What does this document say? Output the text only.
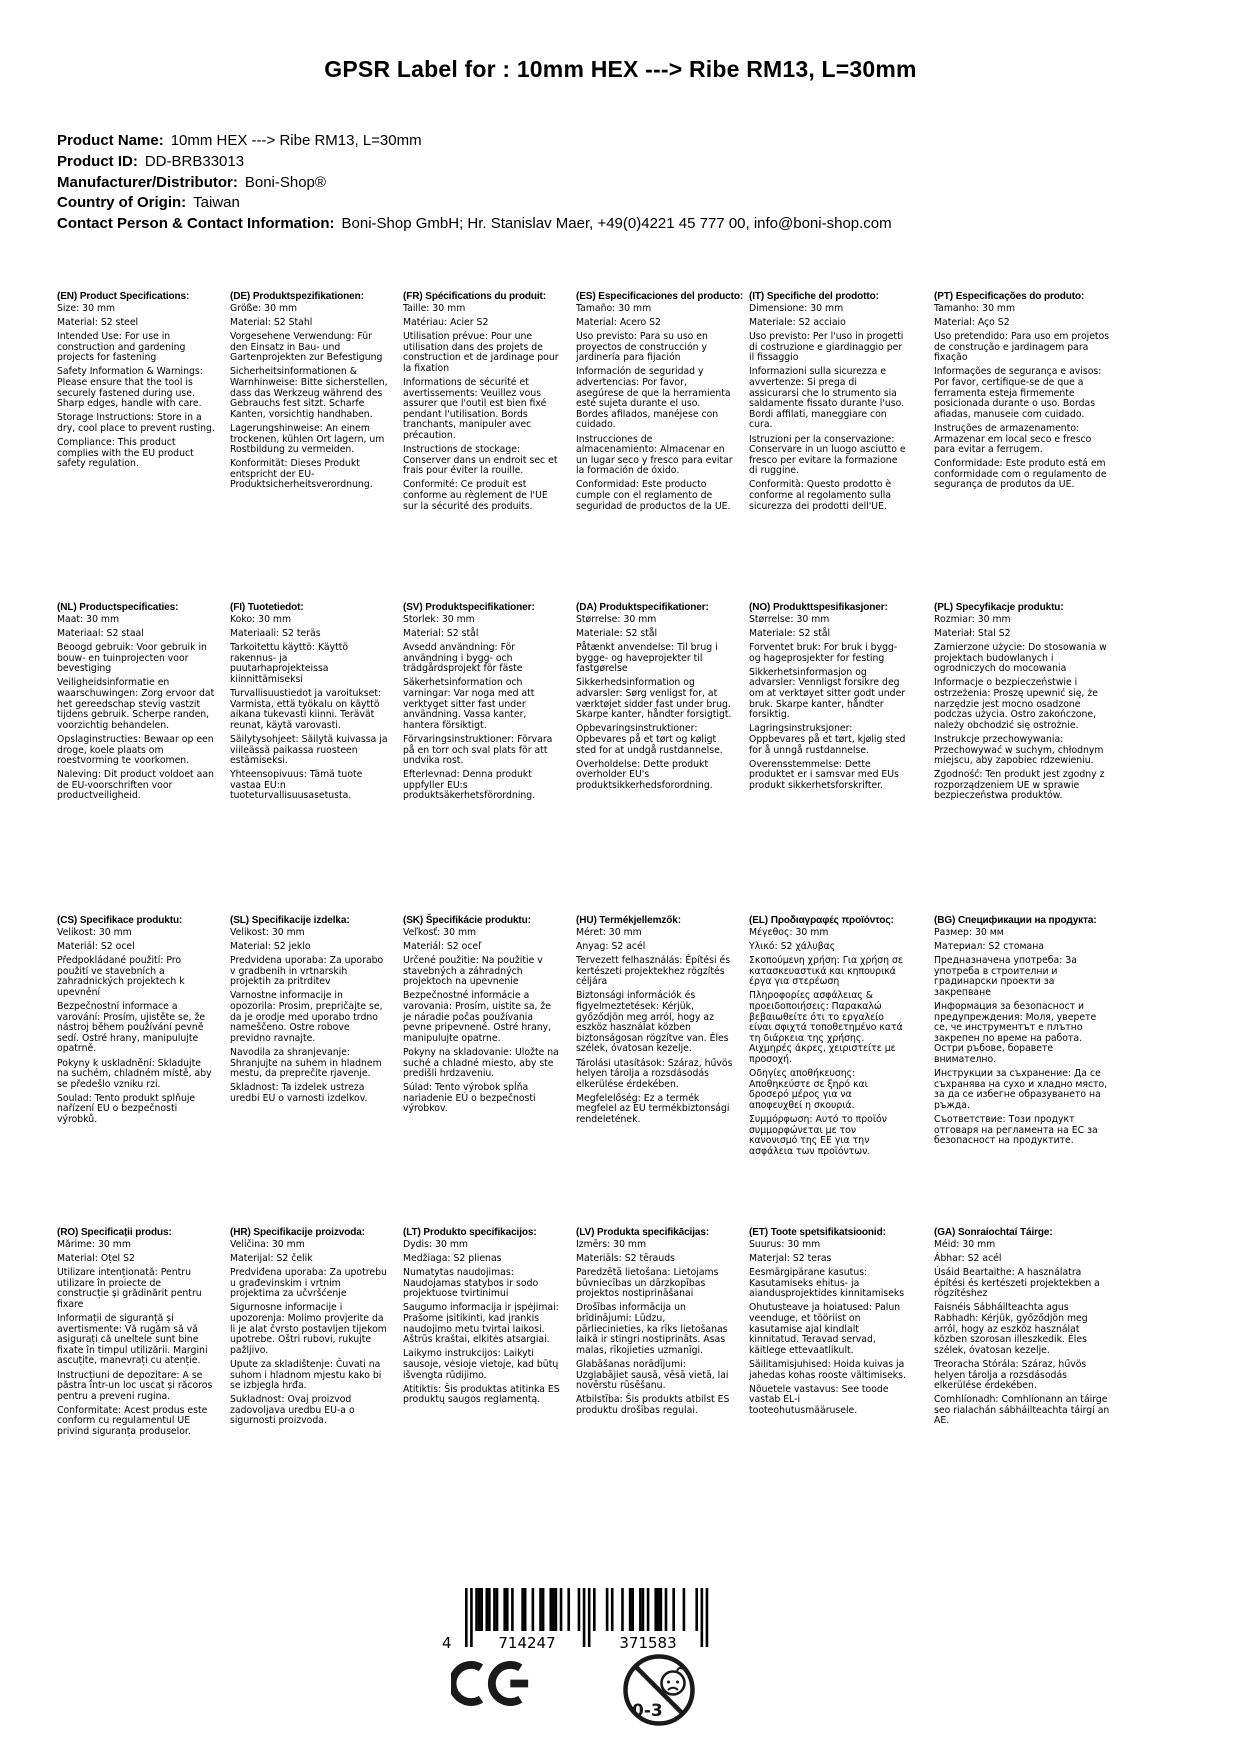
GPSR Label for : 10mm HEX ---> Ribe RM13, L=30mm
Product Name: 10mm HEX ---> Ribe RM13, L=30mm
Product ID: DD-BRB33013
Manufacturer/Distributor: Boni-Shop®
Country of Origin: Taiwan
Contact Person & Contact Information: Boni-Shop GmbH; Hr. Stanislav Maer, +49(0)4221 45 777 00, info@boni-shop.com
(EN) Product Specifications:
Size: 30 mm
Material: S2 steel
Intended Use: For use in construction and gardening projects for fastening
Safety Information & Warnings: Please ensure that the tool is securely fastened during use. Sharp edges, handle with care.
Storage Instructions: Store in a dry, cool place to prevent rusting.
Compliance: This product complies with the EU product safety regulation.
(DE) Produktspezifikationen:
Größe: 30 mm
Material: S2 Stahl
Vorgesehene Verwendung: Für den Einsatz in Bau- und Gartenprojekten zur Befestigung
Sicherheitsinformationen & Warnhinweise: Bitte sicherstellen, dass das Werkzeug während des Gebrauchs fest sitzt. Scharfe Kanten, vorsichtig handhaben.
Lagerungshinweise: An einem trockenen, kühlen Ort lagern, um Rostbildung zu vermeiden.
Konformität: Dieses Produkt entspricht der EU-Produktsicherheitsverordnung.
(FR) Spécifications du produit:
Taille: 30 mm
Matériau: Acier S2
Utilisation prévue: Pour une utilisation dans des projets de construction et de jardinage pour la fixation
Informations de sécurité et avertissements: Veuillez vous assurer que l'outil est bien fixé pendant l'utilisation. Bords tranchants, manipuler avec précaution.
Instructions de stockage: Conserver dans un endroit sec et frais pour éviter la rouille.
Conformité: Ce produit est conforme au règlement de l'UE sur la sécurité des produits.
(ES) Especificaciones del producto:
Tamaño: 30 mm
Material: Acero S2
Uso previsto: Para su uso en proyectos de construcción y jardinería para fijación
Información de seguridad y advertencias: Por favor, asegúrese de que la herramienta esté sujeta durante el uso. Bordes afilados, manéjese con cuidado.
Instrucciones de almacenamiento: Almacenar en un lugar seco y fresco para evitar la formación de óxido.
Conformidad: Este producto cumple con el reglamento de seguridad de productos de la UE.
(IT) Specifiche del prodotto:
Dimensione: 30 mm
Materiale: S2 acciaio
Uso previsto: Per l'uso in progetti di costruzione e giardinaggio per il fissaggio
Informazioni sulla sicurezza e avvertenze: Si prega di assicurarsi che lo strumento sia saldamente fissato durante l'uso. Bordi affilati, maneggiare con cura.
Istruzioni per la conservazione: Conservare in un luogo asciutto e fresco per evitare la formazione di ruggine.
Conformità: Questo prodotto è conforme al regolamento sulla sicurezza dei prodotti dell'UE.
(PT) Especificações do produto:
Tamanho: 30 mm
Material: Aço S2
Uso pretendido: Para uso em projetos de construção e jardinagem para fixação
Informações de segurança e avisos: Por favor, certifique-se de que a ferramenta esteja firmemente posicionada durante o uso. Bordas afiadas, manuseie com cuidado.
Instruções de armazenamento: Armazenar em local seco e fresco para evitar a ferrugem.
Conformidade: Este produto está em conformidade com o regulamento de segurança de produtos da UE.
(NL) Productspecificaties:
Maat: 30 mm
Materiaal: S2 staal
Beoogd gebruik: Voor gebruik in bouw- en tuinprojecten voor bevestiging
Veiligheidsinformatie en waarschuwingen: Zorg ervoor dat het gereedschap stevig vastzit tijdens gebruik. Scherpe randen, voorzichtig behandelen.
Opslaginstructies: Bewaar op een droge, koele plaats om roestvorming te voorkomen.
Naleving: Dit product voldoet aan de EU-voorschriften voor productveiligheid.
(FI) Tuotetiedot:
Koko: 30 mm
Materiaali: S2 teräs
Tarkoitettu käyttö: Käyttö rakennus- ja puutarhaprojekteissa kiinnittämiseksi
Turvallisuustiedot ja varoitukset: Varmista, että työkalu on käyttö aikana tukevasti kiinni. Terävät reunat, käytä varovasti.
Säilytysohjeet: Säilytä kuivassa ja viileässä paikassa ruosteen estämiseksi.
Yhteensopivuus: Tämä tuote vastaa EU:n tuoteturvallisuusasetusta.
(SV) Produktspecifikationer:
Storlek: 30 mm
Material: S2 stål
Avsedd användning: För användning i bygg- och trädgårdsprojekt för fäste
Säkerhetsinformation och varningar: Var noga med att verktyget sitter fast under användning. Vassa kanter, hantera försiktigt.
Förvaringsinstruktioner: Förvara på en torr och sval plats för att undvika rost.
Efterlevnad: Denna produkt uppfyller EU:s produktsäkerhetsförordning.
(DA) Produktspecifikationer:
Størrelse: 30 mm
Materiale: S2 stål
Påtænkt anvendelse: Til brug i bygge- og haveprojekter til fastgørelse
Sikkerhedsinformation og advarsler: Sørg venligst for, at værktøjet sidder fast under brug. Skarpe kanter, håndter forsigtigt.
Opbevaringsinstruktioner: Opbevares på et tørt og køligt sted for at undgå rustdannelse.
Overholdelse: Dette produkt overholder EU's produktsikkerhedsforordning.
(NO) Produkttspesifikasjoner:
Størrelse: 30 mm
Materiale: S2 stål
Forventet bruk: For bruk i bygg- og hageprosjekter for festing
Sikkerhetsinformasjon og advarsler: Vennligst forsikre deg om at verktøyet sitter godt under bruk. Skarpe kanter, håndter forsiktig.
Lagringsinstruksjoner: Oppbevares på et tørt, kjølig sted for å unngå rustdannelse.
Overensstemmelse: Dette produktet er i samsvar med EUs produkt sikkerhetsforskrifter.
(PL) Specyfikacje produktu:
Rozmiar: 30 mm
Materiał: Stal S2
Zamierzone użycie: Do stosowania w projektach budowlanych i ogrodniczych do mocowania
Informacje o bezpieczeństwie i ostrzeżenia: Proszę upewnić się, że narzędzie jest mocno osadzone podczas użycia. Ostro zakończone, należy obchodzić się ostrożnie.
Instrukcje przechowywania: Przechowywać w suchym, chłodnym miejscu, aby zapobiec rdzewieniu.
Zgodność: Ten produkt jest zgodny z rozporządzeniem UE w sprawie bezpieczeństwa produktów.
(CS) Specifikace produktu:
Velikost: 30 mm
Materiál: S2 ocel
Předpokládané použití: Pro použití ve stavebních a zahradnických projektech k upevnění
Bezpečnostní informace a varování: Prosím, ujistěte se, že nástroj během používání pevně sedí. Ostré hrany, manipulujte opatrně.
Pokyny k uskladnění: Skladujte na suchém, chladném místě, aby se předešlo vzniku rzi.
Soulad: Tento produkt splňuje nařízení EU o bezpečnosti výrobků.
(SL) Specifikacije izdelka:
Velikost: 30 mm
Material: S2 jeklo
Predvidena uporaba: Za uporabo v gradbenih in vrtnarskih projektih za pritrditev
Varnostne informacije in opozorila: Prosim, prepričajte se, da je orodje med uporabo trdno nameščeno. Ostre robove previdno ravnajte.
Navodila za shranjevanje: Shranjujte na suhem in hladnem mestu, da preprečite rjavenje.
Skladnost: Ta izdelek ustreza uredbi EU o varnosti izdelkov.
(SK) Špecifikácie produktu:
Veľkosť: 30 mm
Materiál: S2 oceľ
Určené použitie: Na použitie v stavebných a záhradných projektoch na upevnenie
Bezpečnostné informácie a varovania: Prosím, uistite sa, že je náradie počas používania pevne pripevnené. Ostré hrany, manipulujte opatrne.
Pokyny na skladovanie: Uložte na suché a chladné miesto, aby ste predišli hrdzaveniu.
Súlad: Tento výrobok spĺňa nariadenie EÚ o bezpečnosti výrobkov.
(HU) Termékjellemzők:
Méret: 30 mm
Anyag: S2 acél
Tervezett felhasználás: Építési és kertészeti projektekhez rögzítés céljára
Biztonsági információk és figyelmeztetések: Kérjük, győződjön meg arról, hogy az eszköz használat közben biztonságosan rögzítve van. Éles szélek, óvatosan kezelje.
Tárolási utasítások: Száraz, hűvös helyen tárolja a rozsdásodás elkerülése érdekében.
Megfelelőség: Ez a termék megfelel az EU termékbiztonsági rendeletének.
(EL) Προδιαγραφές προϊόντος:
Μέγεθος: 30 mm
Υλικό: S2 χάλυβας
Σκοπούμενη χρήση: Για χρήση σε κατασκευαστικά και κηπουρικά έργα για στερέωση
Πληροφορίες ασφάλειας & προειδοποιήσεις: Παρακαλώ βεβαιωθείτε ότι το εργαλείο είναι σφιχτά τοποθετημένο κατά τη διάρκεια της χρήσης. Αιχμηρές άκρες, χειριστείτε με προσοχή.
Οδηγίες αποθήκευσης: Αποθηκεύστε σε ξηρό και δροσερό μέρος για να αποφευχθεί η σκουριά.
Συμμόρφωση: Αυτό το προϊόν συμμορφώνεται με τον κανονισμό της ΕΕ για την ασφάλεια των προϊόντων.
(BG) Спецификации на продукта:
Размер: 30 мм
Материал: S2 стомана
Предназначена употреба: За употреба в строителни и градинарски проекти за закрепване
Информация за безопасност и предупреждения: Моля, уверете се, че инструментът е плътно закрепен по време на работа. Остри ръбове, боравете внимателно.
Инструкции за съхранение: Да се съхранява на сухо и хладно място, за да се избегне образуването на ръжда.
Съответствие: Този продукт отговаря на регламента на ЕС за безопасност на продуктите.
(RO) Specificații produs:
Mărime: 30 mm
Material: Oțel S2
Utilizare intenționată: Pentru utilizare în proiecte de construcție și grădinărit pentru fixare
Informații de siguranță și avertismente: Vă rugăm să vă asigurați că uneltele sunt bine fixate în timpul utilizării. Margini ascuțite, manevrați cu atenție.
Instrucțiuni de depozitare: A se păstra într-un loc uscat și răcoros pentru a preveni rugina.
Conformitate: Acest produs este conform cu regulamentul UE privind siguranța produselor.
(HR) Specifikacije proizvoda:
Veličina: 30 mm
Materijal: S2 čelik
Predviđena uporaba: Za upotrebu u građevinskim i vrtnim projektima za učvršćenje
Sigurnosne informacije i upozorenja: Molimo provjerite da li je alat čvrsto postavljen tijekom upotrebe. Oštri rubovi, rukujte pažljivo.
Upute za skladištenje: Čuvati na suhom i hladnom mjestu kako bi se izbjegla hrđa.
Sukladnost: Ovaj proizvod zadovoljava uredbu EU-a o sigurnosti proizvoda.
(LT) Produkto specifikacijos:
Dydis: 30 mm
Medžiaga: S2 plienas
Numatytas naudojimas: Naudojamas statybos ir sodo projektuose tvirtinimui
Saugumo informacija ir įspėjimai: Prašome įsitikinti, kad įrankis naudojimo metu tvirtai laikosi. Aštrūs kraštai, elkitės atsargiai.
Laikymo instrukcijos: Laikyti sausoje, vėsioje vietoje, kad būtų išvengta rūdijimo.
Atitiktis: Šis produktas atitinka ES produktų saugos reglamentą.
(LV) Produkta specifikācijas:
Izmērs: 30 mm
Materiāls: S2 tērauds
Paredzētā lietošana: Lietojams būvniecības un dārzkopības projektos nostiprināšanai
Drošības informācija un brīdinājumi: Lūdzu, pārliecinieties, ka rīks lietošanas laikā ir stingri nostiprināts. Asas malas, rīkojieties uzmanīgi.
Glabāšanas norādījumi: Uzglabājiet sausā, vēsā vietā, lai novērstu rūsēšanu.
Atbilstība: Šis produkts atbilst ES produktu drošības regulai.
(ET) Toote spetsifikatsioonid:
Suurus: 30 mm
Materjal: S2 teras
Eesmärgipärane kasutus: Kasutamiseks ehitus- ja aiandusprojektides kinnitamiseks
Ohutusteave ja hoiatused: Palun veenduge, et tööriist on kasutamise ajal kindlalt kinnitatud. Teravad servad, käitlege ettevaatlikult.
Säilitamisjuhised: Hoida kuivas ja jahedas kohas rooste vältimiseks.
Nõuetele vastavus: See toode vastab EL-i tooteohutusmäärusele.
(GA) Sonraíochtaí Táirge:
Méid: 30 mm
Ábhar: S2 acél
Úsáid Beartaithe: A használatra építési és kertészeti projektekben a rögzítéshez
Faisnéis Sábháilteachta agus Rabhadh: Kérjük, győződjön meg arról, hogy az eszköz használat közben szorosan illeszkedik. Éles szélek, óvatosan kezelje.
Treoracha Stórála: Száraz, hűvös helyen tárolja a rozsdásodás elkerülése érdekében.
Comhlíonadh: Comhlíonann an táirge seo rialachán sábháilteachta táirgí an AE.
4	714247	371583
0-3
